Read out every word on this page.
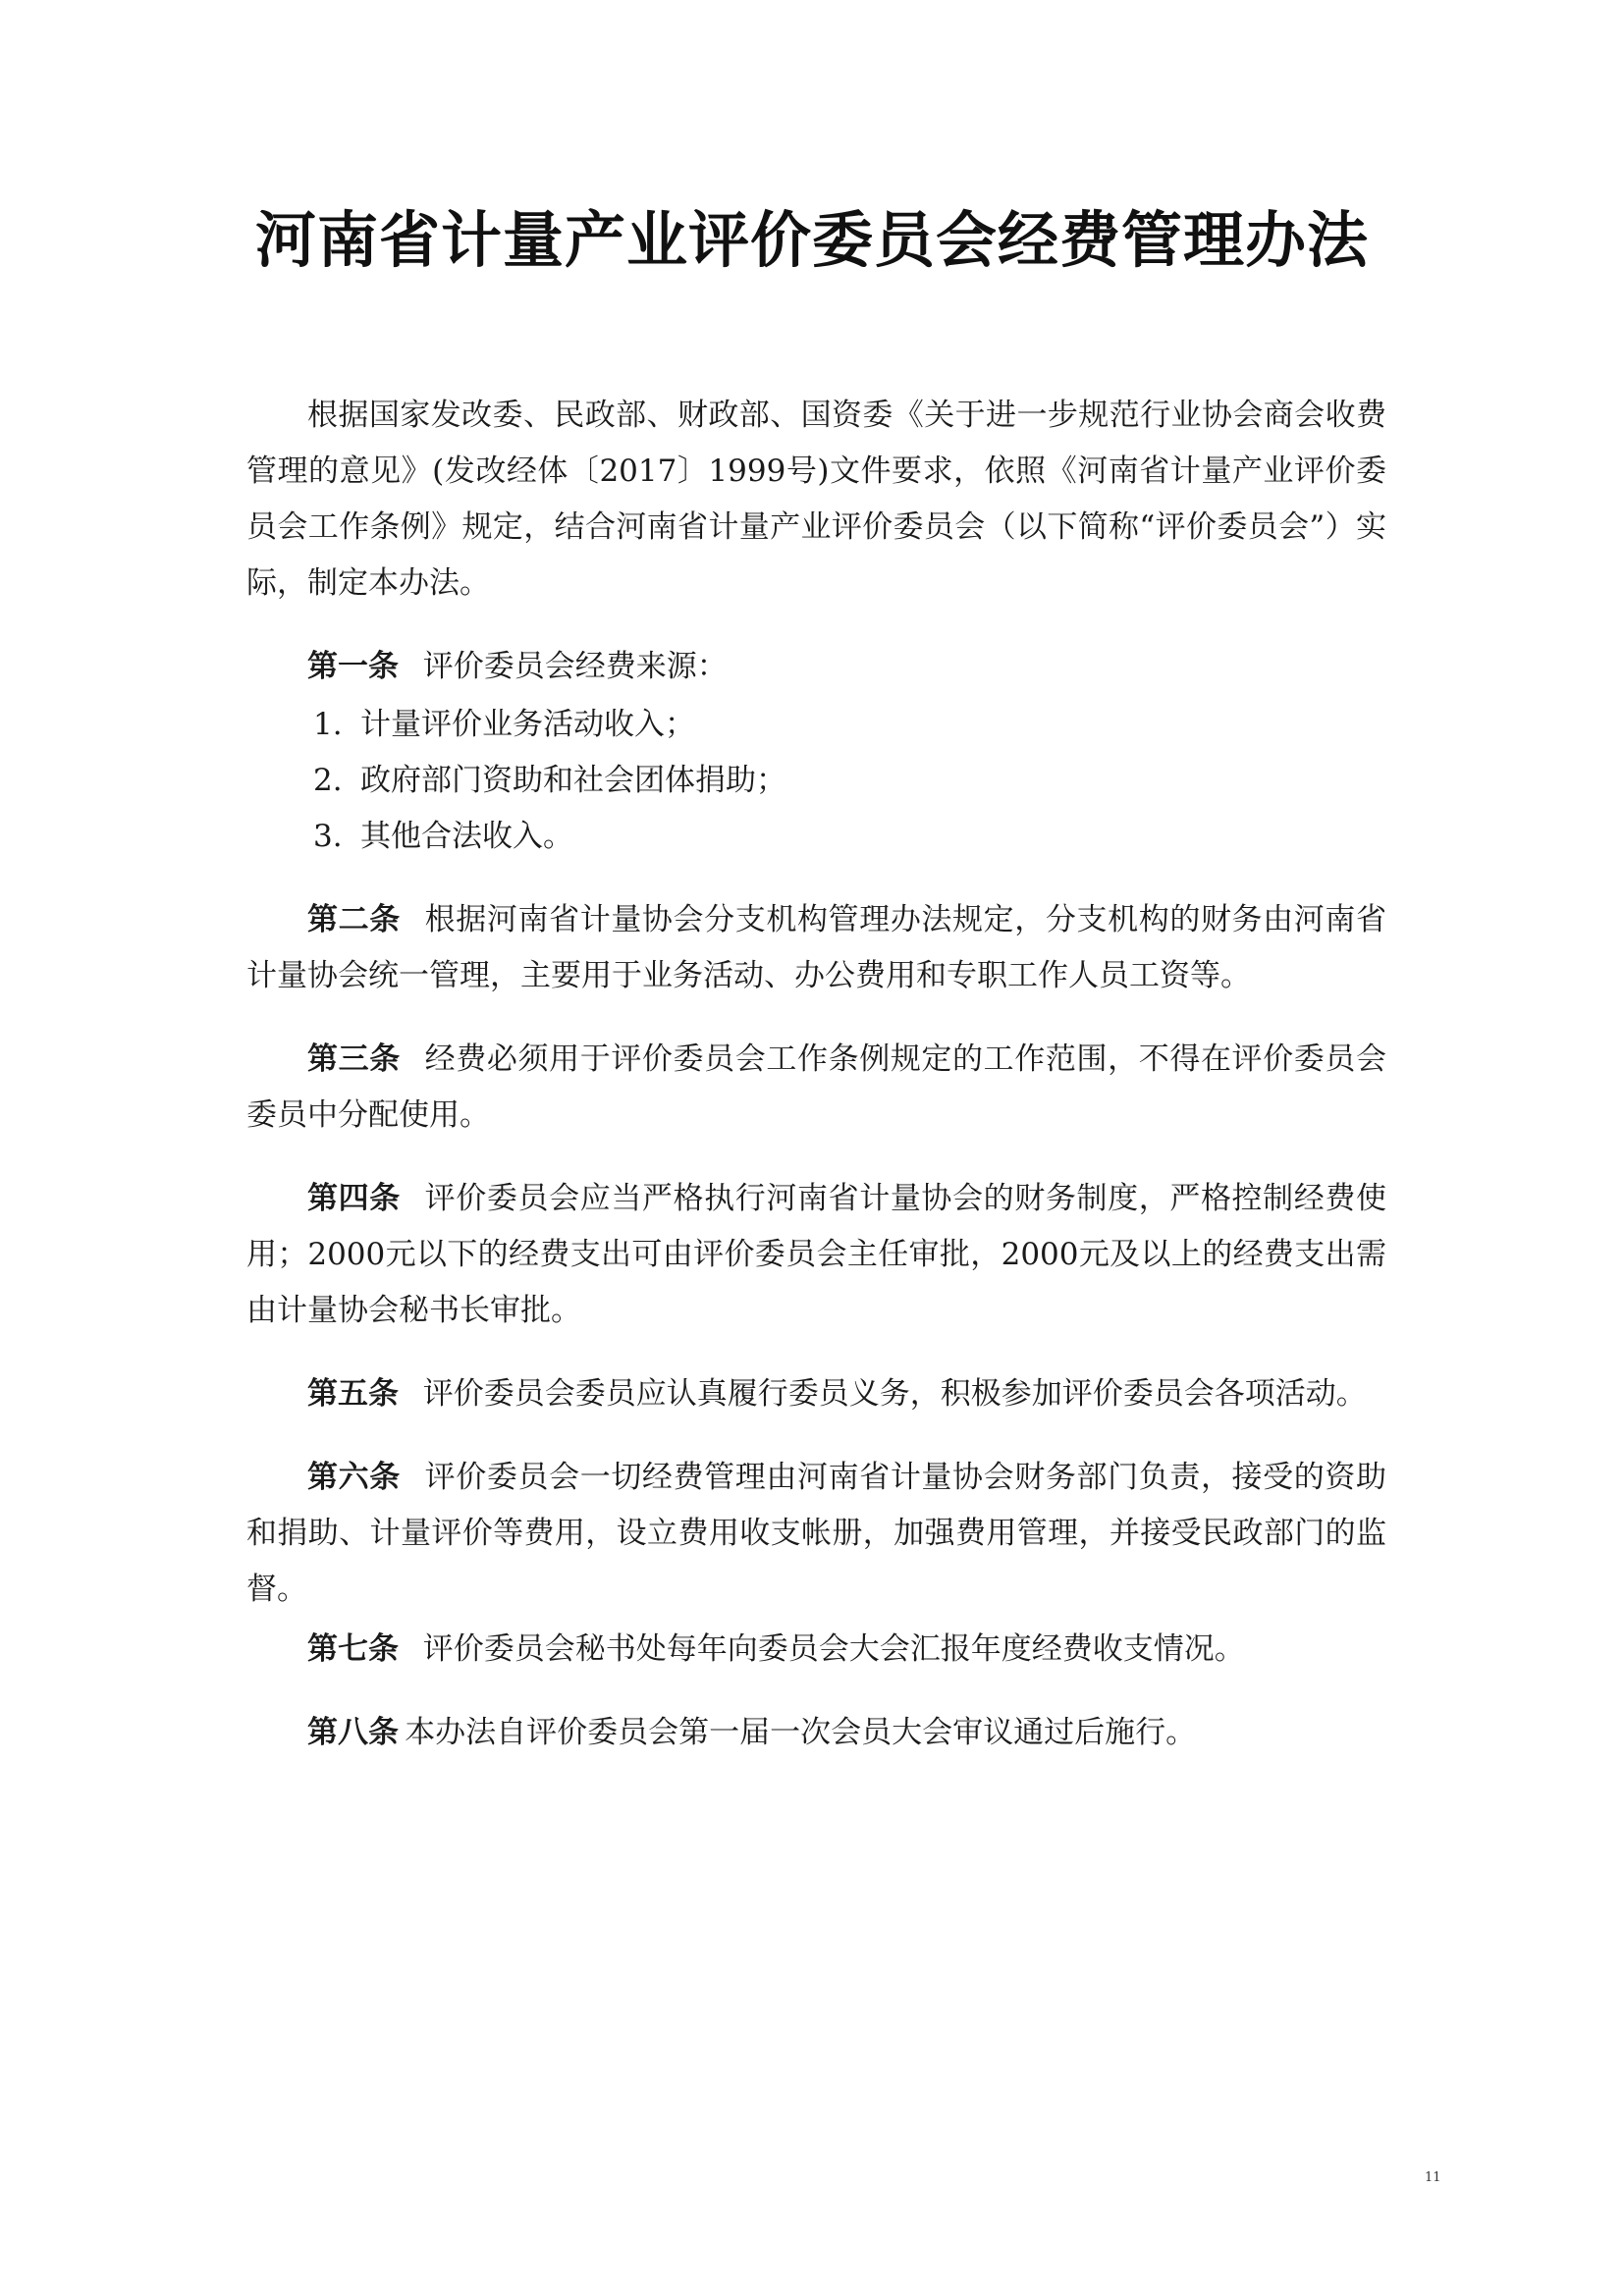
河南省计量产业评价委员会经费管理办法

根据国家发改委、民政部、财政部、国资委《关于进一步规范行业协会商会收费管理的意见》(发改经体〔2017〕1999号)文件要求，依照《河南省计量产业评价委员会工作条例》规定，结合河南省计量产业评价委员会（以下简称“评价委员会”）实际，制定本办法。

第一条 评价委员会经费来源：

1. 计量评价业务活动收入；
2. 政府部门资助和社会团体捐助；
3. 其他合法收入。

第二条 根据河南省计量协会分支机构管理办法规定，分支机构的财务由河南省计量协会统一管理，主要用于业务活动、办公费用和专职工作人员工资等。

第三条 经费必须用于评价委员会工作条例规定的工作范围，不得在评价委员会委员中分配使用。

第四条 评价委员会应当严格执行河南省计量协会的财务制度，严格控制经费使用；2000元以下的经费支出可由评价委员会主任审批，2000元及以上的经费支出需由计量协会秘书长审批。

第五条 评价委员会委员应认真履行委员义务，积极参加评价委员会各项活动。

第六条 评价委员会一切经费管理由河南省计量协会财务部门负责，接受的资助和捐助、计量评价等费用，设立费用收支帐册，加强费用管理，并接受民政部门的监督。

第七条 评价委员会秘书处每年向委员会大会汇报年度经费收支情况。

第八条 本办法自评价委员会第一届一次会员大会审议通过后施行。

11
